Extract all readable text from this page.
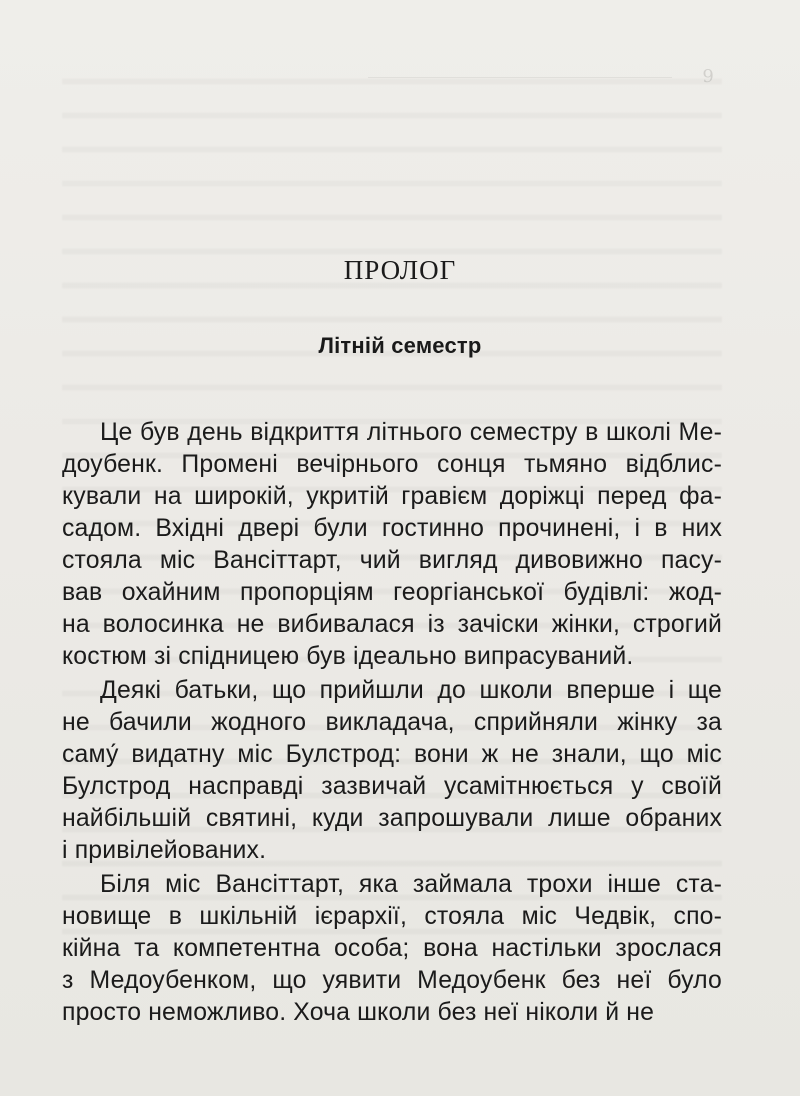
9
ПРОЛОГ
Літній семестр
Це був день відкриття літнього семестру в школі Ме-
доубенк. Промені вечірнього сонця тьмяно відблис-
кували на широкій, укритій гравієм доріжці перед фа-
садом. Вхідні двері були гостинно прочинені, і в них
стояла міс Вансіттарт, чий вигляд дивовижно пасу-
вав охайним пропорціям георгіанської будівлі: жод-
на волосинка не вибивалася із зачіски жінки, строгий
костюм зі спідницею був ідеально випрасуваний.
Деякі батьки, що прийшли до школи вперше і ще
не бачили жодного викладача, сприйняли жінку за
саму́ видатну міс Булстрод: вони ж не знали, що міс
Булстрод насправді зазвичай усамітнюється у своїй
найбільшій святині, куди запрошували лише обраних
і привілейованих.
Біля міс Вансіттарт, яка займала трохи інше ста-
новище в шкільній ієрархії, стояла міс Чедвік, спо-
кійна та компетентна особа; вона настільки зрослася
з Медоубенком, що уявити Медоубенк без неї було
просто неможливо. Хоча школи без неї ніколи й не
